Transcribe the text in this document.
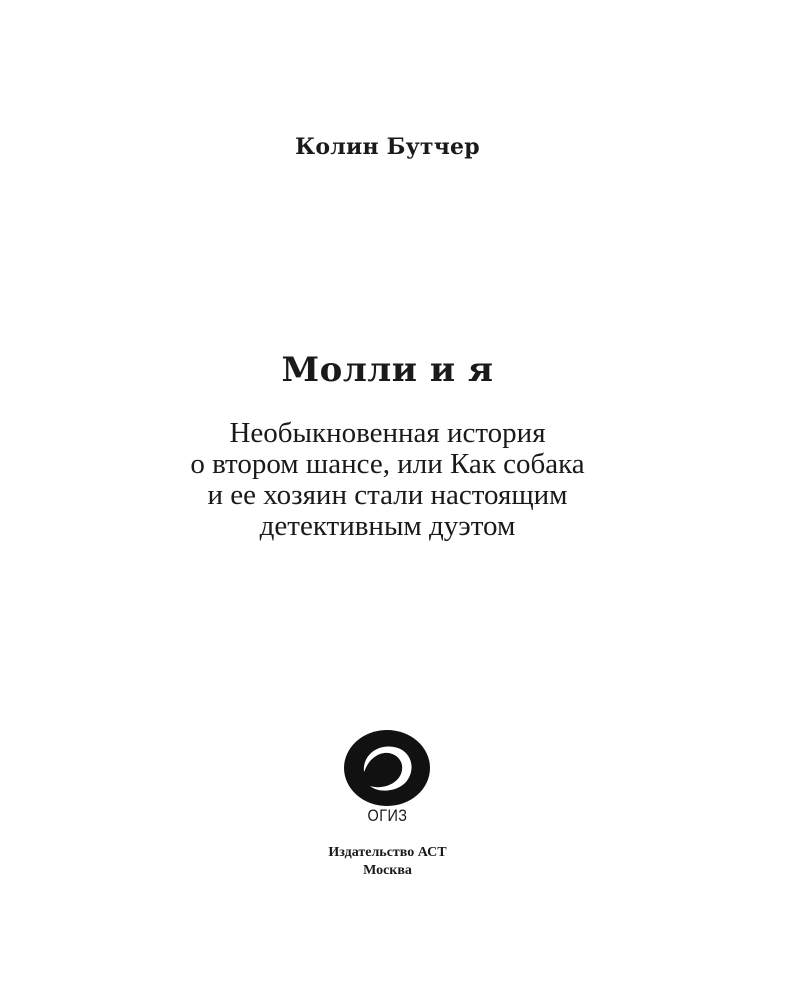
Колин Бутчер
Молли и я
Необыкновенная история
о втором шансе, или Как собака
и ее хозяин стали настоящим
детективным дуэтом
ОГИЗ
Издательство АСТ
Москва
